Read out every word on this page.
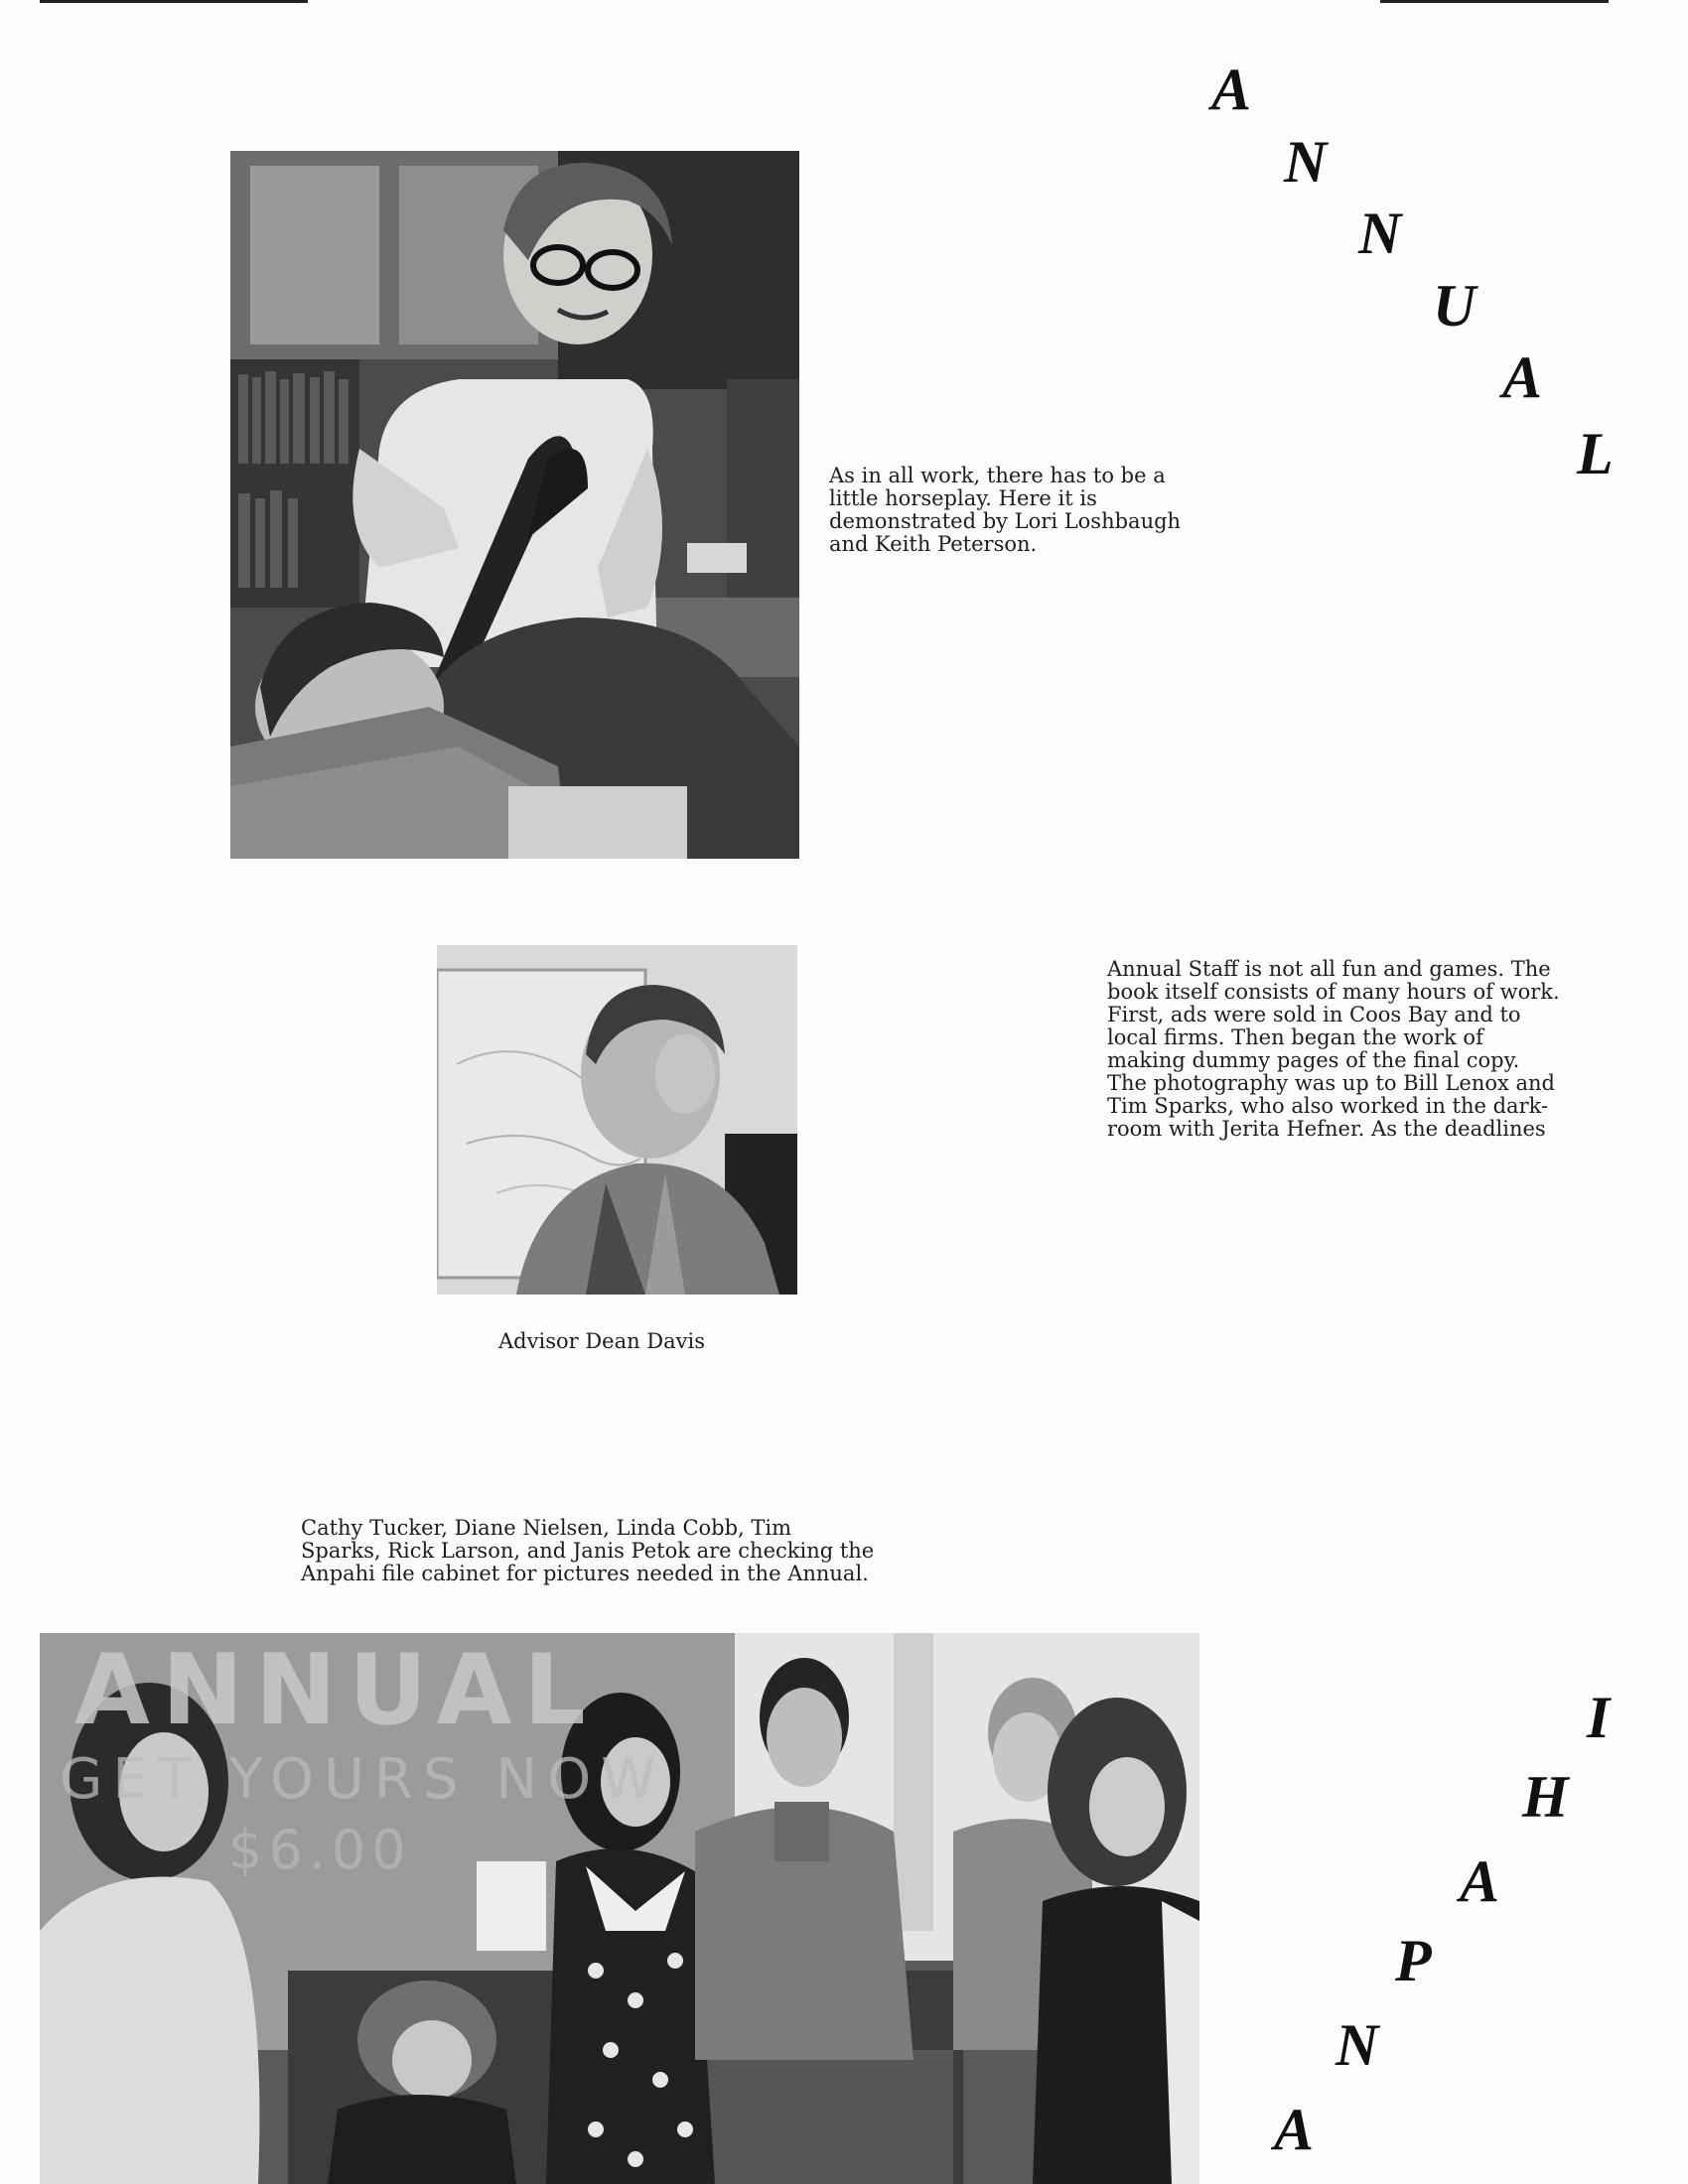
As in all work, there has to be a
little horseplay. Here it is
demonstrated by Lori Loshbaugh
and Keith Peterson.
A
N
N
U
A
L
Advisor Dean Davis
Annual Staff is not all fun and games. The
book itself consists of many hours of work.
First, ads were sold in Coos Bay and to
local firms. Then began the work of
making dummy pages of the final copy.
The photography was up to Bill Lenox and
Tim Sparks, who also worked in the dark-
room with Jerita Hefner. As the deadlines
Cathy Tucker, Diane Nielsen, Linda Cobb, Tim
Sparks, Rick Larson, and Janis Petok are checking the
Anpahi file cabinet for pictures needed in the Annual.
ANNUAL
GET YOURS NOW
$6.00
A
N
P
A
H
I
